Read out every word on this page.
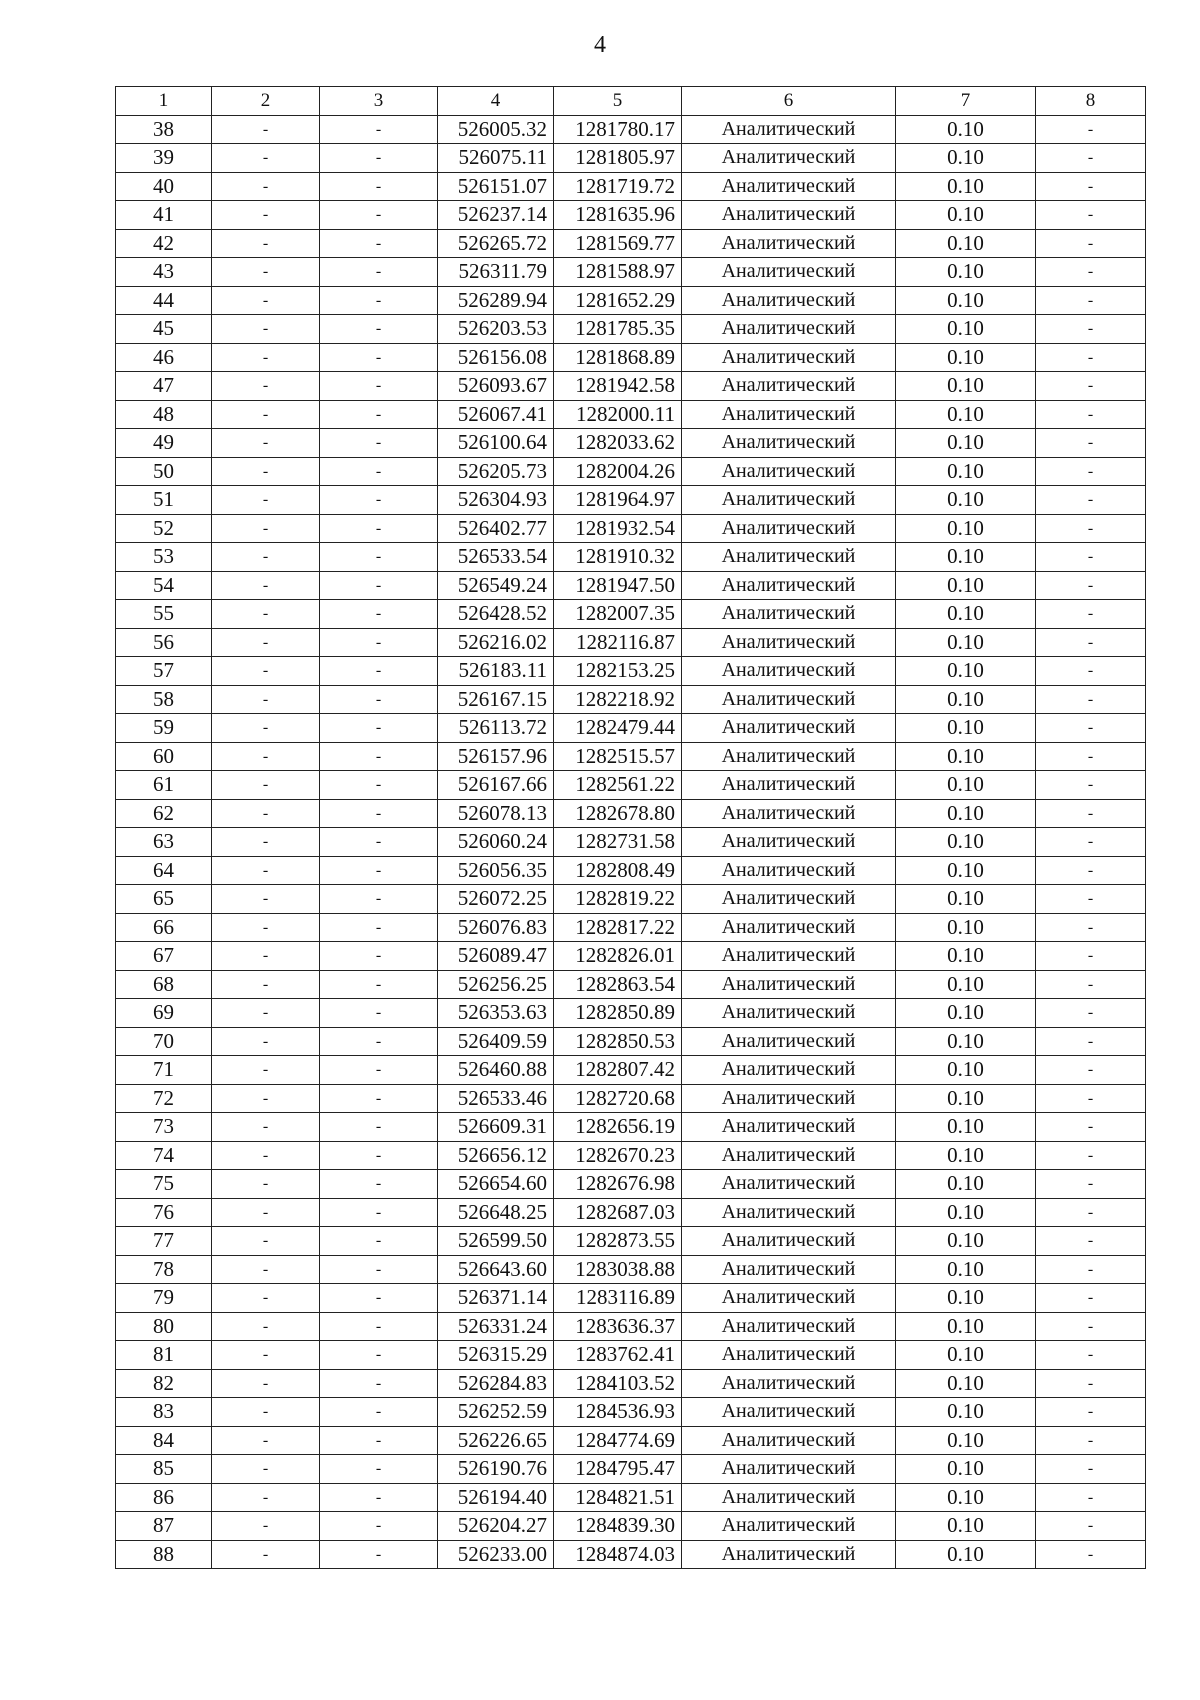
4
1	2	3	4	5	6	7	8
38	-	-	526005.32	1281780.17	Аналитический	0.10	-
39	-	-	526075.11	1281805.97	Аналитический	0.10	-
40	-	-	526151.07	1281719.72	Аналитический	0.10	-
41	-	-	526237.14	1281635.96	Аналитический	0.10	-
42	-	-	526265.72	1281569.77	Аналитический	0.10	-
43	-	-	526311.79	1281588.97	Аналитический	0.10	-
44	-	-	526289.94	1281652.29	Аналитический	0.10	-
45	-	-	526203.53	1281785.35	Аналитический	0.10	-
46	-	-	526156.08	1281868.89	Аналитический	0.10	-
47	-	-	526093.67	1281942.58	Аналитический	0.10	-
48	-	-	526067.41	1282000.11	Аналитический	0.10	-
49	-	-	526100.64	1282033.62	Аналитический	0.10	-
50	-	-	526205.73	1282004.26	Аналитический	0.10	-
51	-	-	526304.93	1281964.97	Аналитический	0.10	-
52	-	-	526402.77	1281932.54	Аналитический	0.10	-
53	-	-	526533.54	1281910.32	Аналитический	0.10	-
54	-	-	526549.24	1281947.50	Аналитический	0.10	-
55	-	-	526428.52	1282007.35	Аналитический	0.10	-
56	-	-	526216.02	1282116.87	Аналитический	0.10	-
57	-	-	526183.11	1282153.25	Аналитический	0.10	-
58	-	-	526167.15	1282218.92	Аналитический	0.10	-
59	-	-	526113.72	1282479.44	Аналитический	0.10	-
60	-	-	526157.96	1282515.57	Аналитический	0.10	-
61	-	-	526167.66	1282561.22	Аналитический	0.10	-
62	-	-	526078.13	1282678.80	Аналитический	0.10	-
63	-	-	526060.24	1282731.58	Аналитический	0.10	-
64	-	-	526056.35	1282808.49	Аналитический	0.10	-
65	-	-	526072.25	1282819.22	Аналитический	0.10	-
66	-	-	526076.83	1282817.22	Аналитический	0.10	-
67	-	-	526089.47	1282826.01	Аналитический	0.10	-
68	-	-	526256.25	1282863.54	Аналитический	0.10	-
69	-	-	526353.63	1282850.89	Аналитический	0.10	-
70	-	-	526409.59	1282850.53	Аналитический	0.10	-
71	-	-	526460.88	1282807.42	Аналитический	0.10	-
72	-	-	526533.46	1282720.68	Аналитический	0.10	-
73	-	-	526609.31	1282656.19	Аналитический	0.10	-
74	-	-	526656.12	1282670.23	Аналитический	0.10	-
75	-	-	526654.60	1282676.98	Аналитический	0.10	-
76	-	-	526648.25	1282687.03	Аналитический	0.10	-
77	-	-	526599.50	1282873.55	Аналитический	0.10	-
78	-	-	526643.60	1283038.88	Аналитический	0.10	-
79	-	-	526371.14	1283116.89	Аналитический	0.10	-
80	-	-	526331.24	1283636.37	Аналитический	0.10	-
81	-	-	526315.29	1283762.41	Аналитический	0.10	-
82	-	-	526284.83	1284103.52	Аналитический	0.10	-
83	-	-	526252.59	1284536.93	Аналитический	0.10	-
84	-	-	526226.65	1284774.69	Аналитический	0.10	-
85	-	-	526190.76	1284795.47	Аналитический	0.10	-
86	-	-	526194.40	1284821.51	Аналитический	0.10	-
87	-	-	526204.27	1284839.30	Аналитический	0.10	-
88	-	-	526233.00	1284874.03	Аналитический	0.10	-
